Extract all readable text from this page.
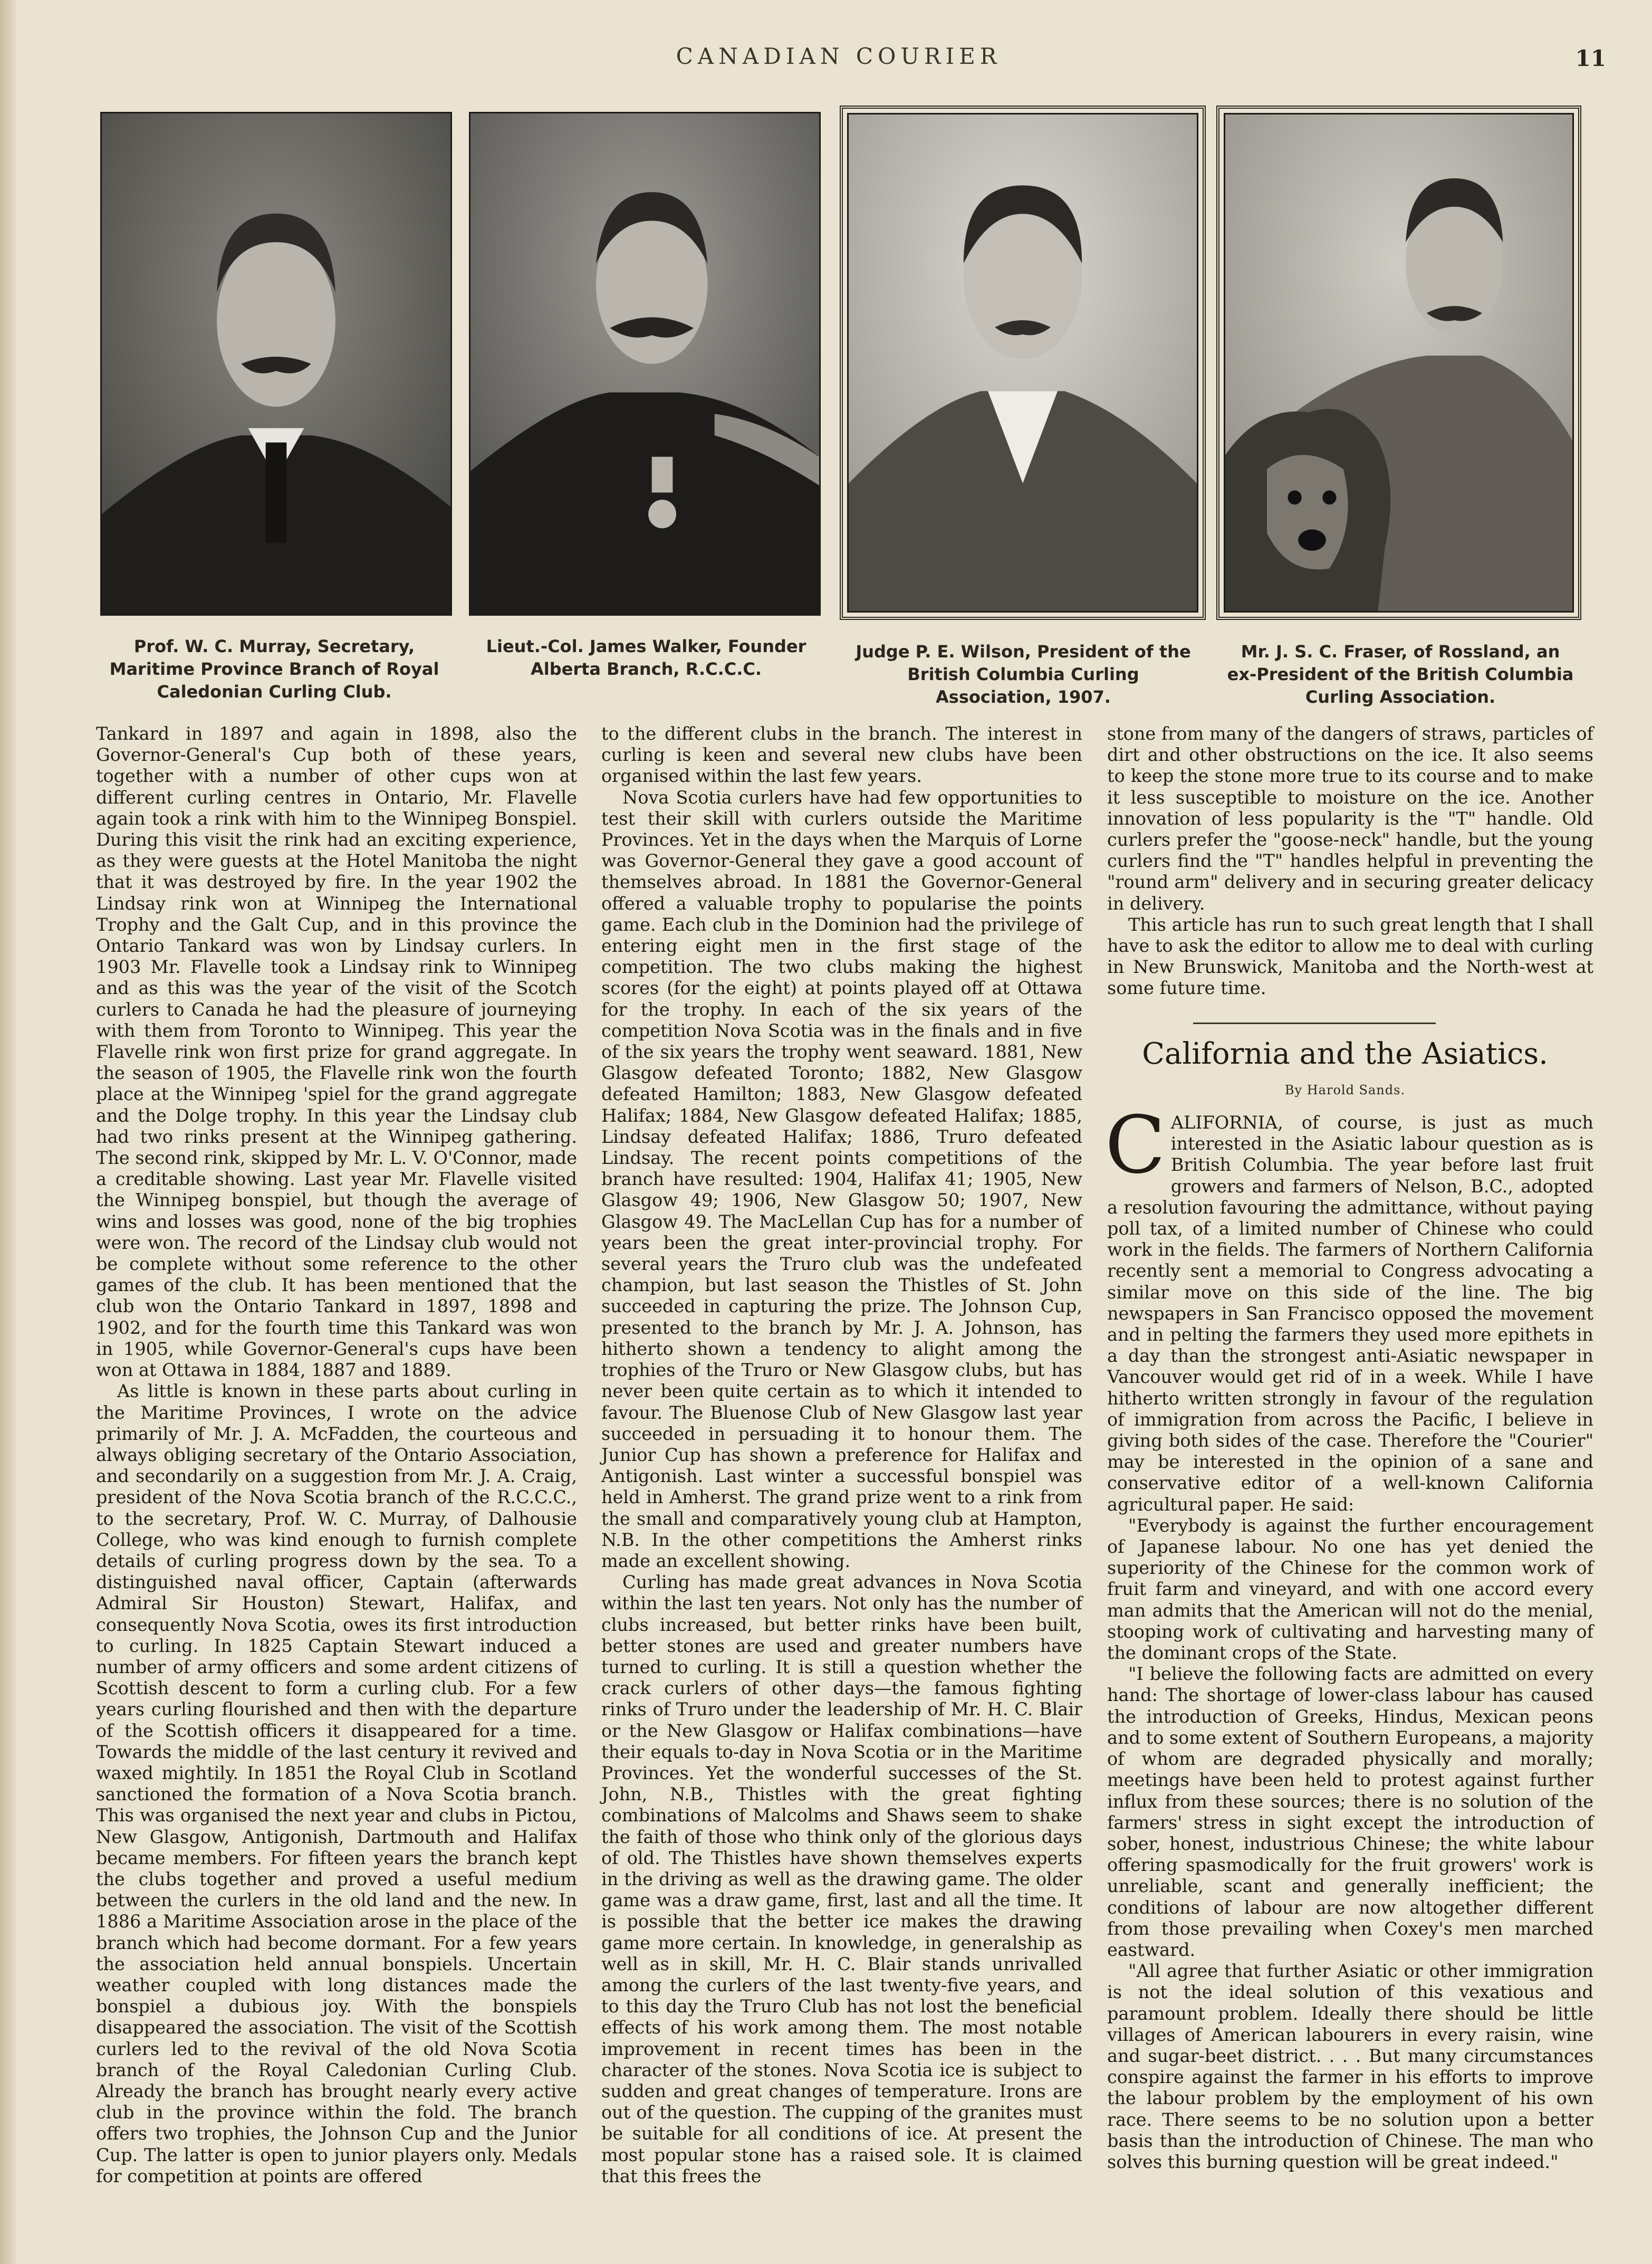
CANADIAN COURIER	11
Prof. W. C. Murray, Secretary, Maritime Province Branch of Royal Caledonian Curling Club.
Lieut.-Col. James Walker, Founder Alberta Branch, R.C.C.C.
Judge P. E. Wilson, President of the British Columbia Curling Association, 1907.
Mr. J. S. C. Fraser, of Rossland, an ex-President of the British Columbia Curling Association.

Tankard in 1897 and again in 1898, also the Governor-General's Cup both of these years, together with a number of other cups won at different curling centres in Ontario, Mr. Flavelle again took a rink with him to the Winnipeg Bonspiel. During this visit the rink had an exciting experience, as they were guests at the Hotel Manitoba the night that it was destroyed by fire. In the year 1902 the Lindsay rink won at Winnipeg the International Trophy and the Galt Cup, and in this province the Ontario Tankard was won by Lindsay curlers. In 1903 Mr. Flavelle took a Lindsay rink to Winnipeg and as this was the year of the visit of the Scotch curlers to Canada he had the pleasure of journeying with them from Toronto to Winnipeg. This year the Flavelle rink won first prize for grand aggregate. In the season of 1905, the Flavelle rink won the fourth place at the Winnipeg 'spiel for the grand aggregate and the Dolge trophy. In this year the Lindsay club had two rinks present at the Winnipeg gathering. The second rink, skipped by Mr. L. V. O'Connor, made a creditable showing. Last year Mr. Flavelle visited the Winnipeg bonspiel, but though the average of wins and losses was good, none of the big trophies were won. The record of the Lindsay club would not be complete without some reference to the other games of the club. It has been mentioned that the club won the Ontario Tankard in 1897, 1898 and 1902, and for the fourth time this Tankard was won in 1905, while Governor-General's cups have been won at Ottawa in 1884, 1887 and 1889.

As little is known in these parts about curling in the Maritime Provinces, I wrote on the advice primarily of Mr. J. A. McFadden, the courteous and always obliging secretary of the Ontario Association, and secondarily on a suggestion from Mr. J. A. Craig, president of the Nova Scotia branch of the R.C.C.C., to the secretary, Prof. W. C. Murray, of Dalhousie College, who was kind enough to furnish complete details of curling progress down by the sea. To a distinguished naval officer, Captain (afterwards Admiral Sir Houston) Stewart, Halifax, and consequently Nova Scotia, owes its first introduction to curling. In 1825 Captain Stewart induced a number of army officers and some ardent citizens of Scottish descent to form a curling club. For a few years curling flourished and then with the departure of the Scottish officers it disappeared for a time. Towards the middle of the last century it revived and waxed mightily. In 1851 the Royal Club in Scotland sanctioned the formation of a Nova Scotia branch. This was organised the next year and clubs in Pictou, New Glasgow, Antigonish, Dartmouth and Halifax became members. For fifteen years the branch kept the clubs together and proved a useful medium between the curlers in the old land and the new. In 1886 a Maritime Association arose in the place of the branch which had become dormant. For a few years the association held annual bonspiels. Uncertain weather coupled with long distances made the bonspiel a dubious joy. With the bonspiels disappeared the association. The visit of the Scottish curlers led to the revival of the old Nova Scotia branch of the Royal Caledonian Curling Club. Already the branch has brought nearly every active club in the province within the fold. The branch offers two trophies, the Johnson Cup and the Junior Cup. The latter is open to junior players only. Medals for competition at points are offered

to the different clubs in the branch. The interest in curling is keen and several new clubs have been organised within the last few years.

Nova Scotia curlers have had few opportunities to test their skill with curlers outside the Maritime Provinces. Yet in the days when the Marquis of Lorne was Governor-General they gave a good account of themselves abroad. In 1881 the Governor-General offered a valuable trophy to popularise the points game. Each club in the Dominion had the privilege of entering eight men in the first stage of the competition. The two clubs making the highest scores (for the eight) at points played off at Ottawa for the trophy. In each of the six years of the competition Nova Scotia was in the finals and in five of the six years the trophy went seaward. 1881, New Glasgow defeated Toronto; 1882, New Glasgow defeated Hamilton; 1883, New Glasgow defeated Halifax; 1884, New Glasgow defeated Halifax; 1885, Lindsay defeated Halifax; 1886, Truro defeated Lindsay. The recent points competitions of the branch have resulted: 1904, Halifax 41; 1905, New Glasgow 49; 1906, New Glasgow 50; 1907, New Glasgow 49. The MacLellan Cup has for a number of years been the great inter-provincial trophy. For several years the Truro club was the undefeated champion, but last season the Thistles of St. John succeeded in capturing the prize. The Johnson Cup, presented to the branch by Mr. J. A. Johnson, has hitherto shown a tendency to alight among the trophies of the Truro or New Glasgow clubs, but has never been quite certain as to which it intended to favour. The Bluenose Club of New Glasgow last year succeeded in persuading it to honour them. The Junior Cup has shown a preference for Halifax and Antigonish. Last winter a successful bonspiel was held in Amherst. The grand prize went to a rink from the small and comparatively young club at Hampton, N.B. In the other competitions the Amherst rinks made an excellent showing.

Curling has made great advances in Nova Scotia within the last ten years. Not only has the number of clubs increased, but better rinks have been built, better stones are used and greater numbers have turned to curling. It is still a question whether the crack curlers of other days—the famous fighting rinks of Truro under the leadership of Mr. H. C. Blair or the New Glasgow or Halifax combinations—have their equals to-day in Nova Scotia or in the Maritime Provinces. Yet the wonderful successes of the St. John, N.B., Thistles with the great fighting combinations of Malcolms and Shaws seem to shake the faith of those who think only of the glorious days of old. The Thistles have shown themselves experts in the driving as well as the drawing game. The older game was a draw game, first, last and all the time. It is possible that the better ice makes the drawing game more certain. In knowledge, in generalship as well as in skill, Mr. H. C. Blair stands unrivalled among the curlers of the last twenty-five years, and to this day the Truro Club has not lost the beneficial effects of his work among them. The most notable improvement in recent times has been in the character of the stones. Nova Scotia ice is subject to sudden and great changes of temperature. Irons are out of the question. The cupping of the granites must be suitable for all conditions of ice. At present the most popular stone has a raised sole. It is claimed that this frees the

stone from many of the dangers of straws, particles of dirt and other obstructions on the ice. It also seems to keep the stone more true to its course and to make it less susceptible to moisture on the ice. Another innovation of less popularity is the "T" handle. Old curlers prefer the "goose-neck" handle, but the young curlers find the "T" handles helpful in preventing the "round arm" delivery and in securing greater delicacy in delivery.

This article has run to such great length that I shall have to ask the editor to allow me to deal with curling in New Brunswick, Manitoba and the North-west at some future time.

California and the Asiatics.
By Harold Sands.

CALIFORNIA, of course, is just as much interested in the Asiatic labour question as is British Columbia. The year before last fruit growers and farmers of Nelson, B.C., adopted a resolution favouring the admittance, without paying poll tax, of a limited number of Chinese who could work in the fields. The farmers of Northern California recently sent a memorial to Congress advocating a similar move on this side of the line. The big newspapers in San Francisco opposed the movement and in pelting the farmers they used more epithets in a day than the strongest anti-Asiatic newspaper in Vancouver would get rid of in a week. While I have hitherto written strongly in favour of the regulation of immigration from across the Pacific, I believe in giving both sides of the case. Therefore the "Courier" may be interested in the opinion of a sane and conservative editor of a well-known California agricultural paper. He said:

"Everybody is against the further encouragement of Japanese labour. No one has yet denied the superiority of the Chinese for the common work of fruit farm and vineyard, and with one accord every man admits that the American will not do the menial, stooping work of cultivating and harvesting many of the dominant crops of the State.

"I believe the following facts are admitted on every hand: The shortage of lower-class labour has caused the introduction of Greeks, Hindus, Mexican peons and to some extent of Southern Europeans, a majority of whom are degraded physically and morally; meetings have been held to protest against further influx from these sources; there is no solution of the farmers' stress in sight except the introduction of sober, honest, industrious Chinese; the white labour offering spasmodically for the fruit growers' work is unreliable, scant and generally inefficient; the conditions of labour are now altogether different from those prevailing when Coxey's men marched eastward.

"All agree that further Asiatic or other immigration is not the ideal solution of this vexatious and paramount problem. Ideally there should be little villages of American labourers in every raisin, wine and sugar-beet district. . . . But many circumstances conspire against the farmer in his efforts to improve the labour problem by the employment of his own race. There seems to be no solution upon a better basis than the introduction of Chinese. The man who solves this burning question will be great indeed."
